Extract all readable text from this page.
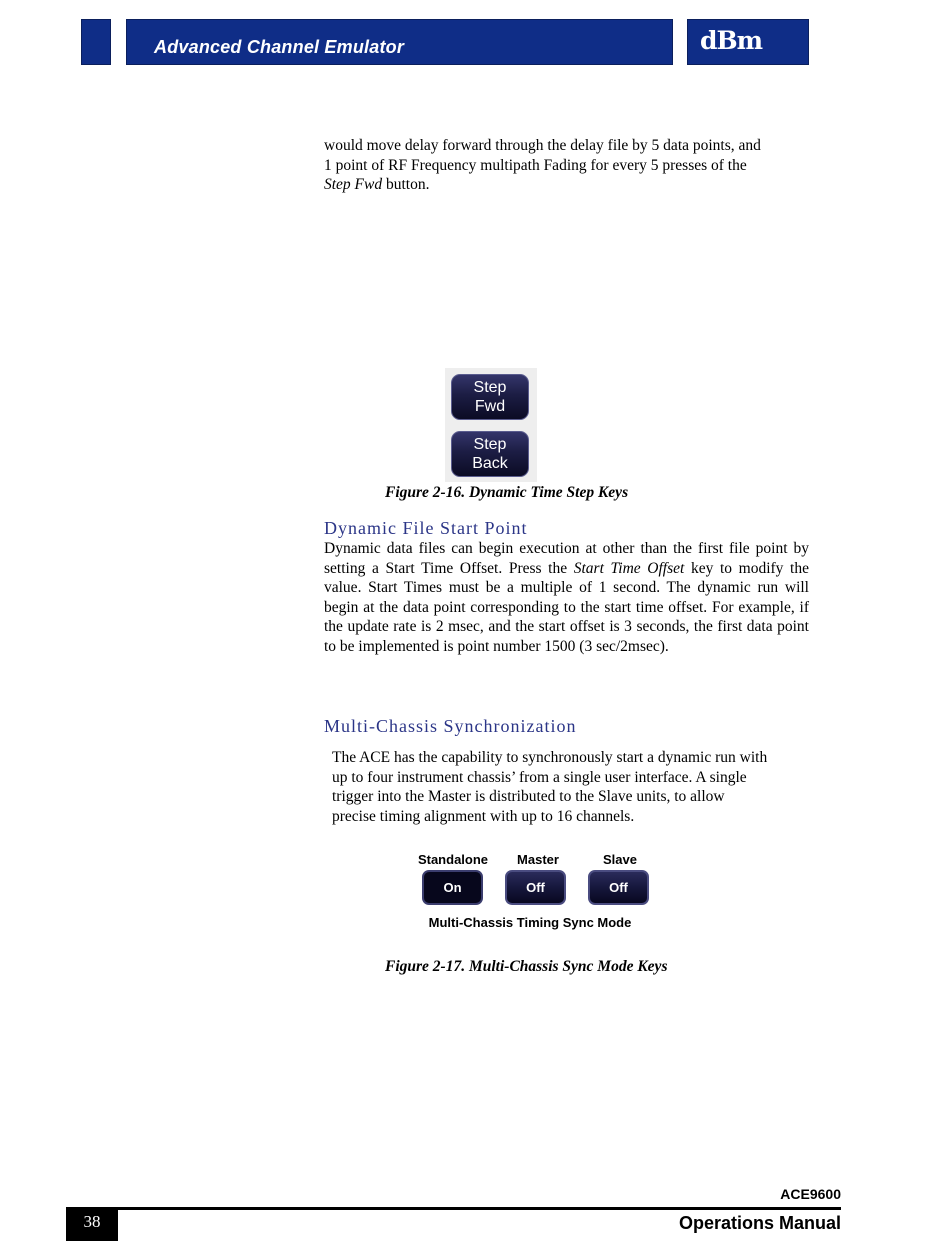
Advanced Channel Emulator	dBm
would move delay forward through the delay file by 5 data points, and
1 point of RF Frequency multipath Fading for every 5 presses of the
Step Fwd button.
Step
Fwd
Step
Back
Figure 2-16. Dynamic Time Step Keys
Dynamic File Start Point
Dynamic data files can begin execution at other than the first file point by setting a Start Time Offset. Press the Start Time Offset key to modify the value. Start Times must be a multiple of 1 second. The dynamic run will begin at the data point corresponding to the start time offset. For example, if the update rate is 2 msec, and the start offset is 3 seconds, the first data point to be implemented is point number 1500 (3 sec/2msec).
Multi-Chassis Synchronization
The ACE has the capability to synchronously start a dynamic run with
up to four instrument chassis’ from a single user interface. A single
trigger into the Master is distributed to the Slave units, to allow
precise timing alignment with up to 16 channels.
Standalone	Master	Slave
On	Off	Off
Multi-Chassis Timing Sync Mode
Figure 2-17. Multi-Chassis Sync Mode Keys
ACE9600
38	Operations Manual
